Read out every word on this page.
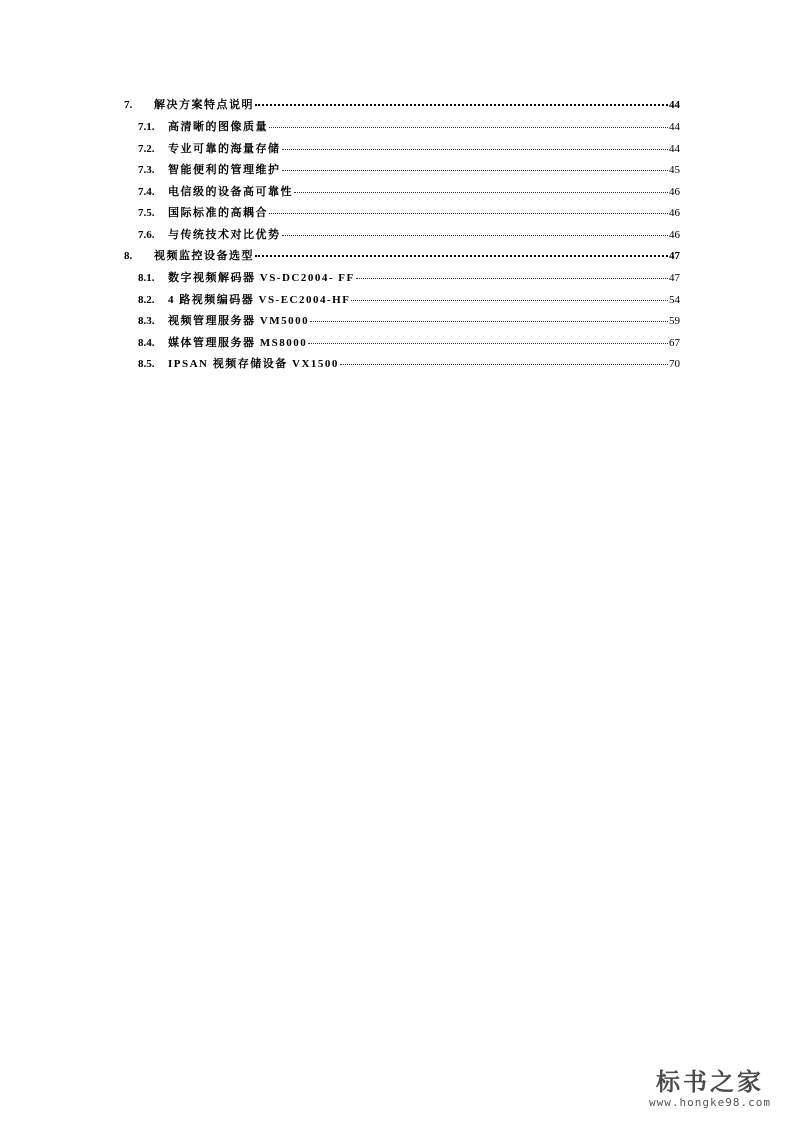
7.	解决方案特点说明	44
7.1.	高清晰的图像质量	44
7.2.	专业可靠的海量存储	44
7.3.	智能便利的管理维护	45
7.4.	电信级的设备高可靠性	46
7.5.	国际标准的高耦合	46
7.6.	与传统技术对比优势	46
8.	视频监控设备选型	47
8.1.	数字视频解码器 VS-DC2004- FF	47
8.2.	4 路视频编码器 VS-EC2004-HF	54
8.3.	视频管理服务器 VM5000	59
8.4.	媒体管理服务器 MS8000	67
8.5.	IPSAN 视频存储设备 VX1500	70
标书之家
www.hongke98.com
